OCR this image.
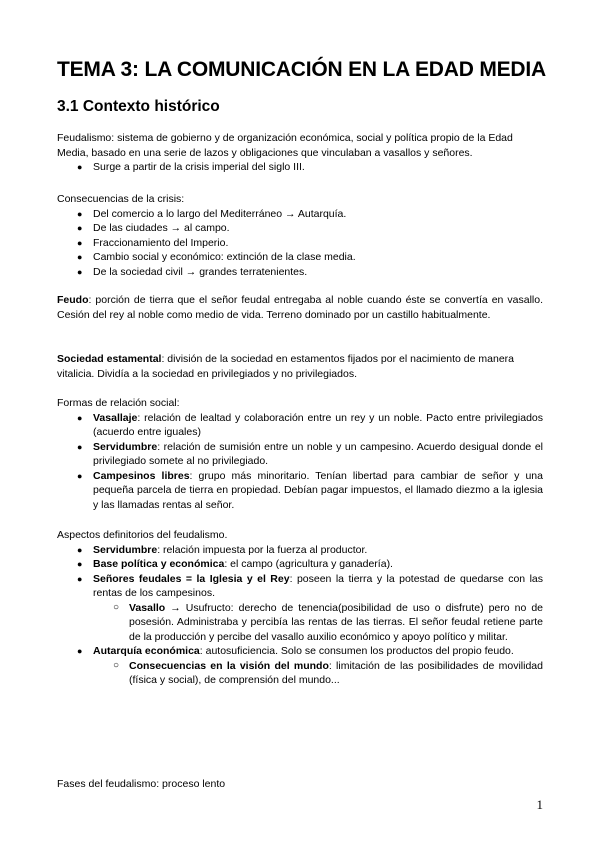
TEMA 3: LA COMUNICACIÓN EN LA EDAD MEDIA
3.1 Contexto histórico

Feudalismo: sistema de gobierno y de organización económica, social y política propio de la Edad Media, basado en una serie de lazos y obligaciones que vinculaban a vasallos y señores.

● Surge a partir de la crisis imperial del siglo III.

Consecuencias de la crisis:

● Del comercio a lo largo del Mediterráneo → Autarquía.
● De las ciudades → al campo.
● Fraccionamiento del Imperio.
● Cambio social y económico: extinción de la clase media.
● De la sociedad civil → grandes terratenientes.

Feudo: porción de tierra que el señor feudal entregaba al noble cuando éste se convertía en vasallo. Cesión del rey al noble como medio de vida. Terreno dominado por un castillo habitualmente.

Sociedad estamental: división de la sociedad en estamentos fijados por el nacimiento de manera vitalicia. Dividía a la sociedad en privilegiados y no privilegiados.

Formas de relación social:

● Vasallaje: relación de lealtad y colaboración entre un rey y un noble. Pacto entre privilegiados (acuerdo entre iguales)
● Servidumbre: relación de sumisión entre un noble y un campesino. Acuerdo desigual donde el privilegiado somete al no privilegiado.
● Campesinos libres: grupo más minoritario. Tenían libertad para cambiar de señor y una pequeña parcela de tierra en propiedad. Debían pagar impuestos, el llamado diezmo a la iglesia y las llamadas rentas al señor.

Aspectos definitorios del feudalismo.

● Servidumbre: relación impuesta por la fuerza al productor.
● Base política y económica: el campo (agricultura y ganadería).
● Señores feudales = la Iglesia y el Rey: poseen la tierra y la potestad de quedarse con las rentas de los campesinos.
○ Vasallo → Usufructo: derecho de tenencia(posibilidad de uso o disfrute) pero no de posesión. Administraba y percibía las rentas de las tierras. El señor feudal retiene parte de la producción y percibe del vasallo auxilio económico y apoyo político y militar.
● Autarquía económica: autosuficiencia. Solo se consumen los productos del propio feudo.
○ Consecuencias en la visión del mundo: limitación de las posibilidades de movilidad (física y social), de comprensión del mundo...

Fases del feudalismo: proceso lento

1
